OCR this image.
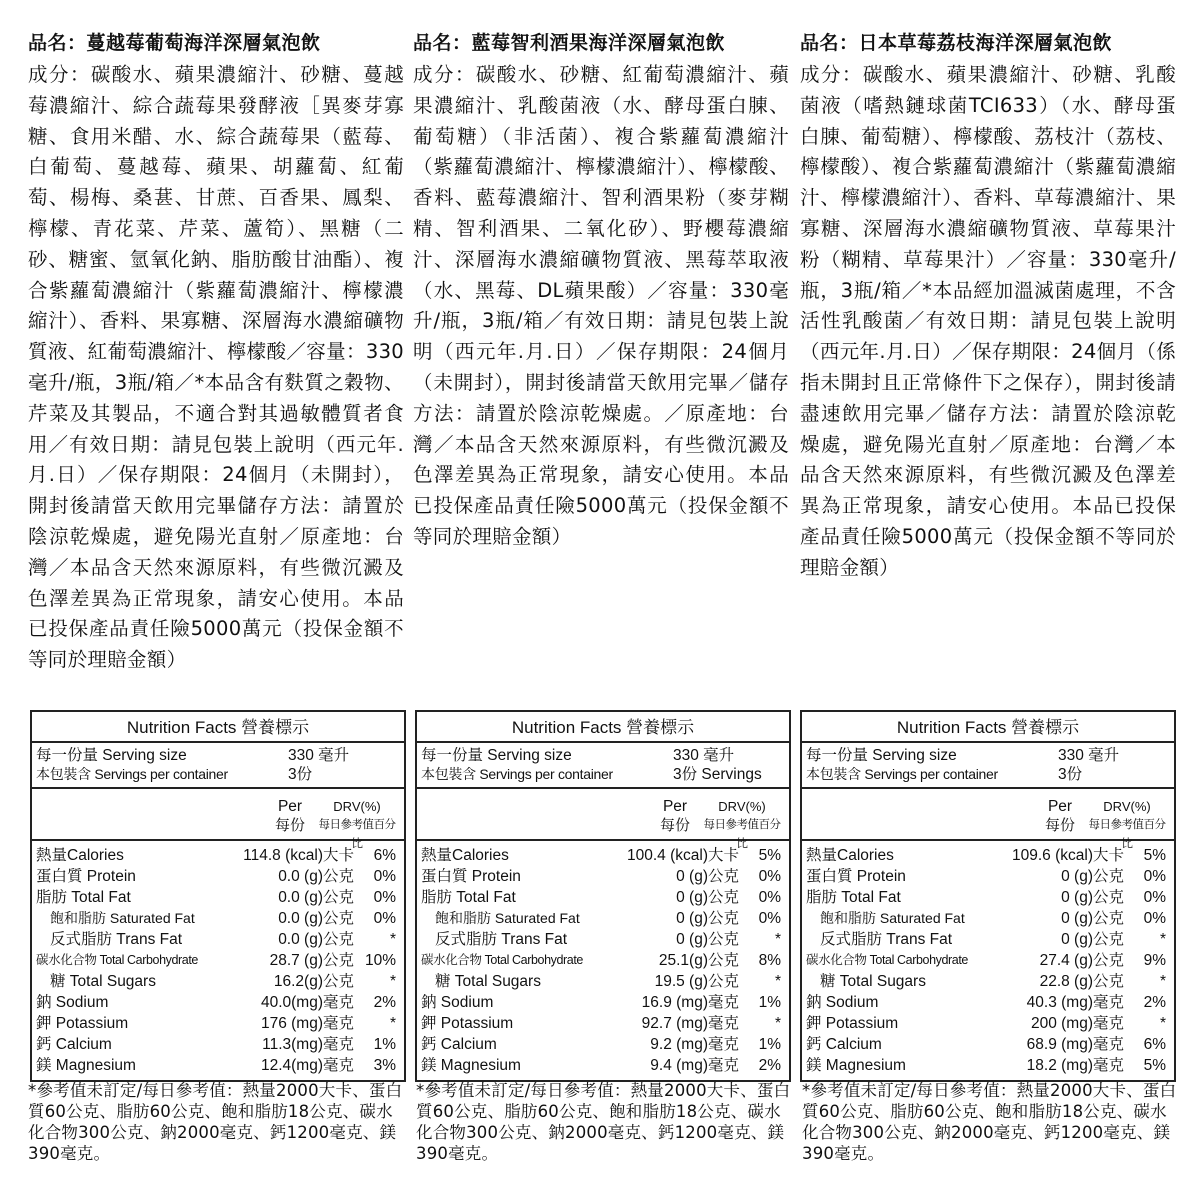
品名：蔓越莓葡萄海洋深層氣泡飲
成分：碳酸水、蘋果濃縮汁、砂糖、蔓越莓濃縮汁、綜合蔬莓果發酵液［異麥芽寡糖、食用米醋、水、綜合蔬莓果（藍莓、白葡萄、蔓越莓、蘋果、胡蘿蔔、紅葡萄、楊梅、桑葚、甘蔗、百香果、鳳梨、檸檬、青花菜、芹菜、蘆筍）、黑糖（二砂、糖蜜、氫氧化鈉、脂肪酸甘油酯）、複合紫蘿蔔濃縮汁（紫蘿蔔濃縮汁、檸檬濃縮汁）、香料、果寡糖、深層海水濃縮礦物質液、紅葡萄濃縮汁、檸檬酸／容量：330毫升/瓶，3瓶/箱／*本品含有麩質之穀物、芹菜及其製品，不適合對其過敏體質者食用／有效日期：請見包裝上說明（西元年.月.日）／保存期限：24個月（未開封），開封後請當天飲用完畢儲存方法：請置於陰涼乾燥處，避免陽光直射／原產地：台灣／本品含天然來源原料，有些微沉澱及色澤差異為正常現象，請安心使用。本品已投保產品責任險5000萬元（投保金額不等同於理賠金額）
品名：藍莓智利酒果海洋深層氣泡飲
成分：碳酸水、砂糖、紅葡萄濃縮汁、蘋果濃縮汁、乳酸菌液（水、酵母蛋白腖、葡萄糖）（非活菌）、複合紫蘿蔔濃縮汁（紫蘿蔔濃縮汁、檸檬濃縮汁）、檸檬酸、香料、藍莓濃縮汁、智利酒果粉（麥芽糊精、智利酒果、二氧化矽）、野櫻莓濃縮汁、深層海水濃縮礦物質液、黑莓萃取液（水、黑莓、DL蘋果酸）／容量：330毫升/瓶，3瓶/箱／有效日期：請見包裝上說明（西元年.月.日）／保存期限：24個月（未開封），開封後請當天飲用完畢／儲存方法：請置於陰涼乾燥處。／原產地：台灣／本品含天然來源原料，有些微沉澱及色澤差異為正常現象，請安心使用。本品已投保產品責任險5000萬元（投保金額不等同於理賠金額）
品名：日本草莓荔枝海洋深層氣泡飲
成分：碳酸水、蘋果濃縮汁、砂糖、乳酸菌液（嗜熱鏈球菌TCI633）（水、酵母蛋白腖、葡萄糖）、檸檬酸、荔枝汁（荔枝、檸檬酸）、複合紫蘿蔔濃縮汁（紫蘿蔔濃縮汁、檸檬濃縮汁）、香料、草莓濃縮汁、果寡糖、深層海水濃縮礦物質液、草莓果汁粉（糊精、草莓果汁）／容量：330毫升/瓶，3瓶/箱／*本品經加溫滅菌處理，不含活性乳酸菌／有效日期：請見包裝上說明（西元年.月.日）／保存期限：24個月（係指未開封且正常條件下之保存），開封後請盡速飲用完畢／儲存方法：請置於陰涼乾燥處，避免陽光直射／原產地：台灣／本品含天然來源原料，有些微沉澱及色澤差異為正常現象，請安心使用。本品已投保產品責任險5000萬元（投保金額不等同於理賠金額）
Nutrition Facts 營養標示
每一份量 Serving size	330 毫升
本包裝含 Servings per container	3份
Per
每份
DRV(%)
每日參考值百分比
熱量Calories	114.8 (kcal)大卡	6%
蛋白質 Protein	0.0 (g)公克	0%
脂肪 Total Fat	0.0 (g)公克	0%
飽和脂肪 Saturated Fat	0.0 (g)公克	0%
反式脂肪 Trans Fat	0.0 (g)公克	*
碳水化合物 Total Carbohydrate	28.7 (g)公克 10%
糖 Total Sugars	16.2(g)公克	*
鈉 Sodium	40.0(mg)毫克	2%
鉀 Potassium	176 (mg)毫克	*
鈣 Calcium	11.3(mg)毫克	1%
鎂 Magnesium	12.4(mg)毫克	3%
Nutrition Facts 營養標示
每一份量 Serving size	330 毫升
本包裝含 Servings per container	3份 Servings
Per
每份
DRV(%)
每日參考值百分比
熱量Calories	100.4 (kcal)大卡	5%
蛋白質 Protein	0 (g)公克	0%
脂肪 Total Fat	0 (g)公克	0%
飽和脂肪 Saturated Fat	0 (g)公克	0%
反式脂肪 Trans Fat	0 (g)公克	*
碳水化合物 Total Carbohydrate	25.1(g)公克	8%
糖 Total Sugars	19.5 (g)公克	*
鈉 Sodium	16.9 (mg)毫克	1%
鉀 Potassium	92.7 (mg)毫克	*
鈣 Calcium	9.2 (mg)毫克	1%
鎂 Magnesium	9.4 (mg)毫克	2%
Nutrition Facts 營養標示
每一份量 Serving size	330 毫升
本包裝含 Servings per container	3份
Per
每份
DRV(%)
每日參考值百分比
熱量Calories	109.6 (kcal)大卡	5%
蛋白質 Protein	0 (g)公克	0%
脂肪 Total Fat	0 (g)公克	0%
飽和脂肪 Saturated Fat	0 (g)公克	0%
反式脂肪 Trans Fat	0 (g)公克	*
碳水化合物 Total Carbohydrate	27.4 (g)公克	9%
糖 Total Sugars	22.8 (g)公克	*
鈉 Sodium	40.3 (mg)毫克	2%
鉀 Potassium	200 (mg)毫克	*
鈣 Calcium	68.9 (mg)毫克	6%
鎂 Magnesium	18.2 (mg)毫克	5%
*參考值未訂定/每日參考值：熱量2000大卡、蛋白質60公克、脂肪60公克、飽和脂肪18公克、碳水化合物300公克、鈉2000毫克、鈣1200毫克、鎂390毫克。
*參考值未訂定/每日參考值：熱量2000大卡、蛋白質60公克、脂肪60公克、飽和脂肪18公克、碳水化合物300公克、鈉2000毫克、鈣1200毫克、鎂390毫克。
*參考值未訂定/每日參考值：熱量2000大卡、蛋白質60公克、脂肪60公克、飽和脂肪18公克、碳水化合物300公克、鈉2000毫克、鈣1200毫克、鎂390毫克。
